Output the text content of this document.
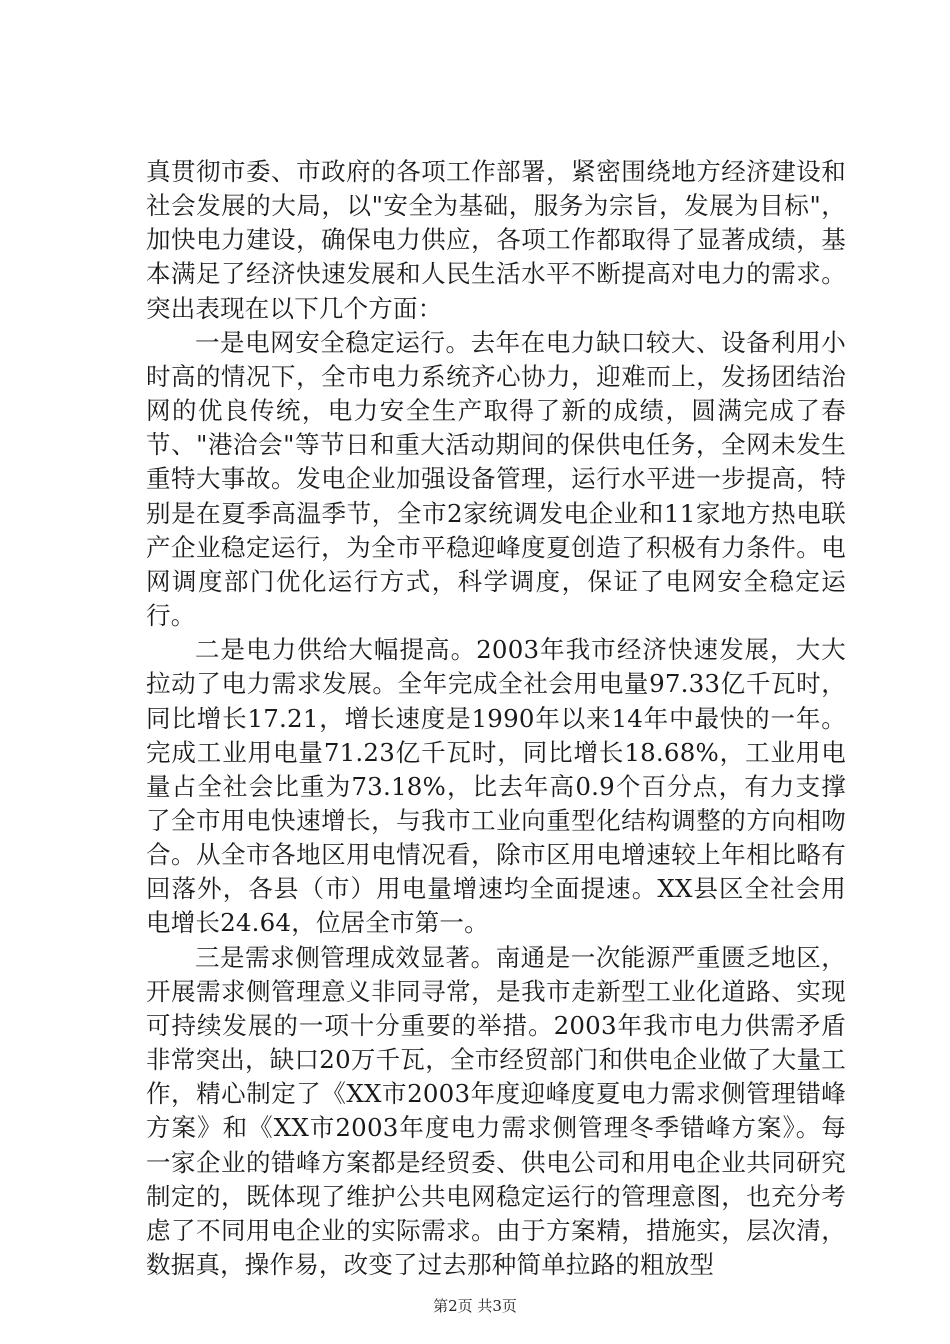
真贯彻市委、市政府的各项工作部署，紧密围绕地方经济建设和社会发展的大局，以"安全为基础，服务为宗旨，发展为目标"，加快电力建设，确保电力供应，各项工作都取得了显著成绩，基本满足了经济快速发展和人民生活水平不断提高对电力的需求。突出表现在以下几个方面：

一是电网安全稳定运行。去年在电力缺口较大、设备利用小时高的情况下，全市电力系统齐心协力，迎难而上，发扬团结治网的优良传统，电力安全生产取得了新的成绩，圆满完成了春节、"港洽会"等节日和重大活动期间的保供电任务，全网未发生重特大事故。发电企业加强设备管理，运行水平进一步提高，特别是在夏季高温季节，全市2家统调发电企业和11家地方热电联产企业稳定运行，为全市平稳迎峰度夏创造了积极有力条件。电网调度部门优化运行方式，科学调度，保证了电网安全稳定运行。

二是电力供给大幅提高。2003年我市经济快速发展，大大拉动了电力需求发展。全年完成全社会用电量97.33亿千瓦时，同比增长17.21，增长速度是1990年以来14年中最快的一年。完成工业用电量71.23亿千瓦时，同比增长18.68%，工业用电量占全社会比重为73.18%，比去年高0.9个百分点，有力支撑了全市用电快速增长，与我市工业向重型化结构调整的方向相吻合。从全市各地区用电情况看，除市区用电增速较上年相比略有回落外，各县（市）用电量增速均全面提速。XX县区全社会用电增长24.64，位居全市第一。

三是需求侧管理成效显著。南通是一次能源严重匮乏地区，开展需求侧管理意义非同寻常，是我市走新型工业化道路、实现可持续发展的一项十分重要的举措。2003年我市电力供需矛盾非常突出，缺口20万千瓦，全市经贸部门和供电企业做了大量工作，精心制定了《XX市2003年度迎峰度夏电力需求侧管理错峰方案》和《XX市2003年度电力需求侧管理冬季错峰方案》。每一家企业的错峰方案都是经贸委、供电公司和用电企业共同研究制定的，既体现了维护公共电网稳定运行的管理意图，也充分考虑了不同用电企业的实际需求。由于方案精，措施实，层次清，数据真，操作易，改变了过去那种简单拉路的粗放型

第2页 共3页
